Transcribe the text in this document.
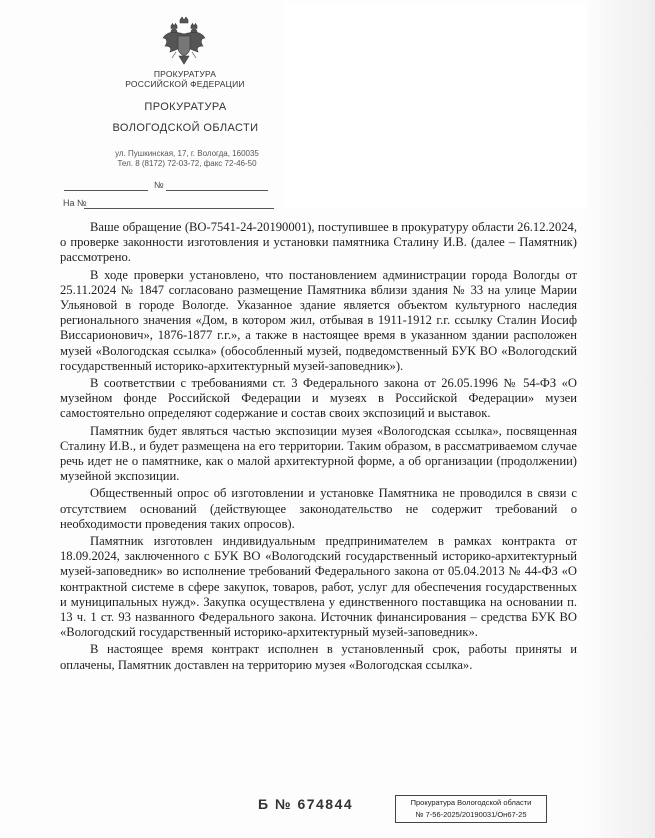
ПРОКУРАТУРА
РОССИЙСКОЙ ФЕДЕРАЦИИ
ПРОКУРАТУРА
ВОЛОГОДСКОЙ ОБЛАСТИ
ул. Пушкинская, 17, г. Вологда, 160035
Тел. 8 (8172) 72-03-72, факс 72-46-50
№
На №

Ваше обращение (ВО-7541-24-20190001), поступившее в прокуратуру области 26.12.2024, о проверке законности изготовления и установки памятника Сталину И.В. (далее – Памятник) рассмотрено.

В ходе проверки установлено, что постановлением администрации города Вологды от 25.11.2024 № 1847 согласовано размещение Памятника вблизи здания № 33 на улице Марии Ульяновой в городе Вологде. Указанное здание является объектом культурного наследия регионального значения «Дом, в котором жил, отбывая в 1911-1912 г.г. ссылку Сталин Иосиф Виссарионович», 1876-1877 г.г.», а также в настоящее время в указанном здании расположен музей «Вологодская ссылка» (обособленный музей, подведомственный БУК ВО «Вологодский государственный историко-архитектурный музей-заповедник»).

В соответствии с требованиями ст. 3 Федерального закона от 26.05.1996 № 54-ФЗ «О музейном фонде Российской Федерации и музеях в Российской Федерации» музеи самостоятельно определяют содержание и состав своих экспозиций и выставок.

Памятник будет являться частью экспозиции музея «Вологодская ссылка», посвященная Сталину И.В., и будет размещена на его территории. Таким образом, в рассматриваемом случае речь идет не о памятнике, как о малой архитектурной форме, а об организации (продолжении) музейной экспозиции.

Общественный опрос об изготовлении и установке Памятника не проводился в связи с отсутствием оснований (действующее законодательство не содержит требований о необходимости проведения таких опросов).

Памятник изготовлен индивидуальным предпринимателем в рамках контракта от 18.09.2024, заключенного с БУК ВО «Вологодский государственный историко-архитектурный музей-заповедник» во исполнение требований Федерального закона от 05.04.2013 № 44-ФЗ «О контрактной системе в сфере закупок, товаров, работ, услуг для обеспечения государственных и муниципальных нужд». Закупка осуществлена у единственного поставщика на основании п. 13 ч. 1 ст. 93 названного Федерального закона. Источник финансирования – средства БУК ВО «Вологодский государственный историко-архитектурный музей-заповедник».

В настоящее время контракт исполнен в установленный срок, работы приняты и оплачены, Памятник доставлен на территорию музея «Вологодская ссылка».

Б № 674844	Прокуратура Вологодской области
№ 7-56-2025/20190031/Он67-25
